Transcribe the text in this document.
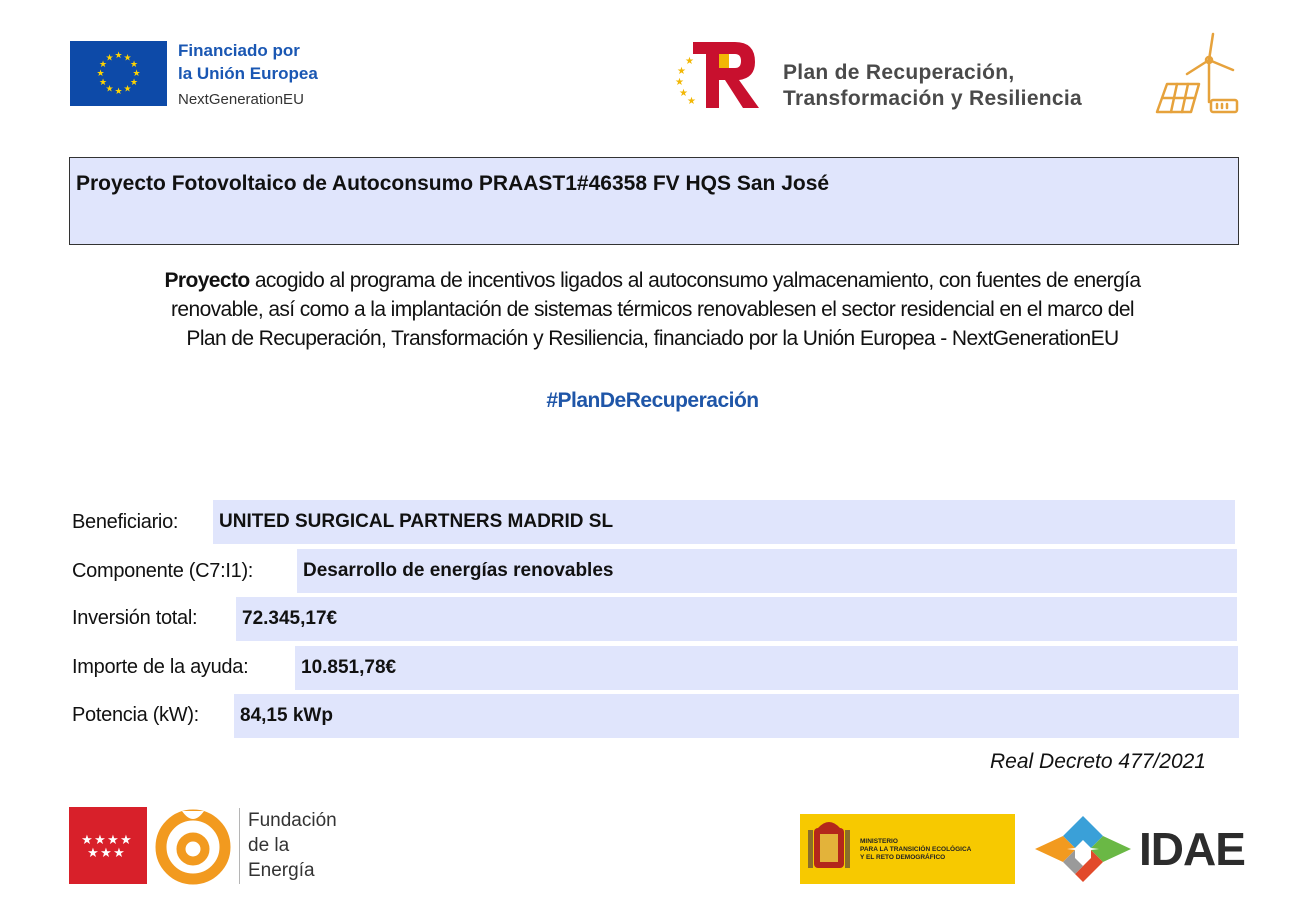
★ ★
★
★
★
★
★
★
★
★
★
★	Financiado por
la Unión Europea
NextGenerationEU
★
★
★
★
★
Plan de Recuperación,
Transformación y Resiliencia
Proyecto Fotovoltaico de Autoconsumo PRAAST1#46358 FV HQS San José
Proyecto acogido al programa de incentivos ligados al autoconsumo yalmacenamiento, con fuentes de energía
renovable, así como a la implantación de sistemas térmicos renovablesen el sector residencial en el marco del
Plan de Recuperación, Transformación y Resiliencia, financiado por la Unión Europea - NextGenerationEU
#PlanDeRecuperación
Beneficiario:	UNITED SURGICAL PARTNERS MADRID SL
Componente (C7:I1):	Desarrollo de energías renovables
Inversión total:	72.345,17€
Importe de la ayuda:	10.851,78€
Potencia (kW):	84,15 kWp
Real Decreto 477/2021
★ ★ ★ ★
★ ★ ★
Fundación
de la
Energía
MINISTERIO
PARA LA TRANSICIÓN ECOLÓGICA
Y EL RETO DEMOGRÁFICO	IDAE
